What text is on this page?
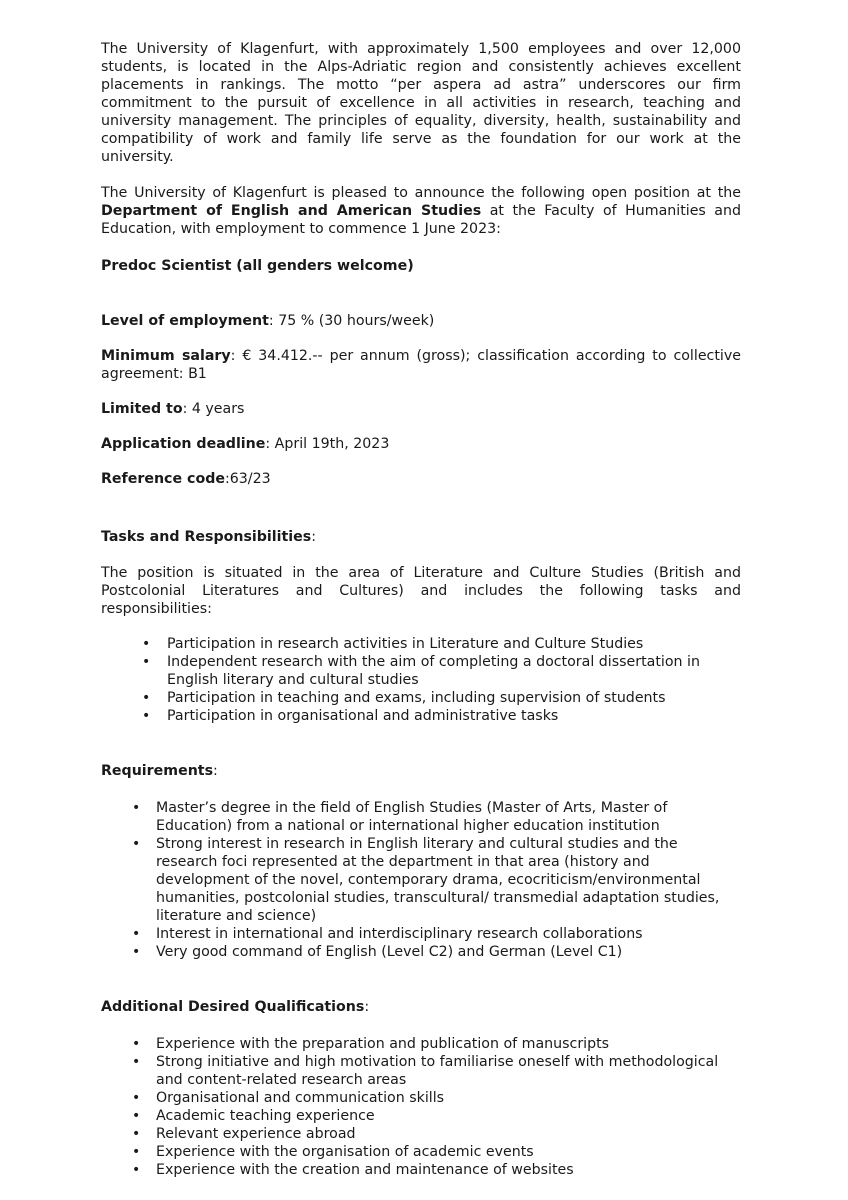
The University of Klagenfurt, with approximately 1,500 employees and over 12,000 students, is located in the Alps-Adriatic region and consistently achieves excellent placements in rankings. The motto “per aspera ad astra” underscores our firm commitment to the pursuit of excellence in all activities in research, teaching and university management. The principles of equality, diversity, health, sustainability and compatibility of work and family life serve as the foundation for our work at the university.

The University of Klagenfurt is pleased to announce the following open position at the Department of English and American Studies at the Faculty of Humanities and Education, with employment to commence 1 June 2023:

Predoc Scientist (all genders welcome)

Level of employment: 75 % (30 hours/week)

Minimum salary: € 34.412.-- per annum (gross); classification according to collective agreement: B1

Limited to: 4 years

Application deadline: April 19th, 2023

Reference code:63/23

Tasks and Responsibilities:

The position is situated in the area of Literature and Culture Studies (British and Postcolonial Literatures and Cultures) and includes the following tasks and responsibilities:

• Participation in research activities in Literature and Culture Studies
• Independent research with the aim of completing a doctoral dissertation in English literary and cultural studies
• Participation in teaching and exams, including supervision of students
• Participation in organisational and administrative tasks

Requirements:

• Master’s degree in the field of English Studies (Master of Arts, Master of Education) from a national or international higher education institution
• Strong interest in research in English literary and cultural studies and the research foci represented at the department in that area (history and development of the novel, contemporary drama, ecocriticism/environmental humanities, postcolonial studies, transcultural/ transmedial adaptation studies, literature and science)
• Interest in international and interdisciplinary research collaborations
• Very good command of English (Level C2) and German (Level C1)

Additional Desired Qualifications:

• Experience with the preparation and publication of manuscripts
• Strong initiative and high motivation to familiarise oneself with methodological and content-related research areas
• Organisational and communication skills
• Academic teaching experience
• Relevant experience abroad
• Experience with the organisation of academic events
• Experience with the creation and maintenance of websites
